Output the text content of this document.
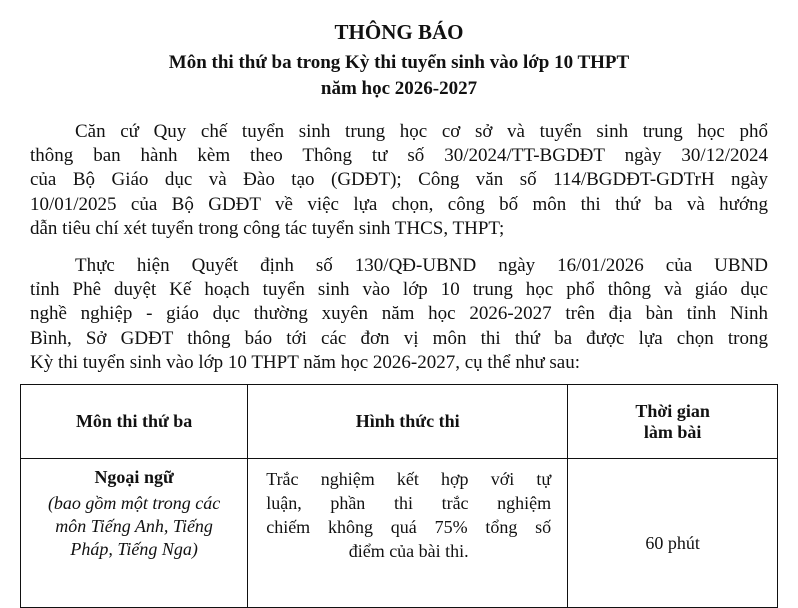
THÔNG BÁO
Môn thi thứ ba trong Kỳ thi tuyển sinh vào lớp 10 THPT
năm học 2026-2027
Căn cứ Quy chế tuyển sinh trung học cơ sở và tuyển sinh trung học phổ
thông ban hành kèm theo Thông tư số 30/2024/TT-BGDĐT ngày 30/12/2024
của Bộ Giáo dục và Đào tạo (GDĐT); Công văn số 114/BGDĐT-GDTrH ngày
10/01/2025 của Bộ GDĐT về việc lựa chọn, công bố môn thi thứ ba và hướng
dẫn tiêu chí xét tuyển trong công tác tuyển sinh THCS, THPT;
Thực hiện Quyết định số 130/QĐ-UBND ngày 16/01/2026 của UBND
tỉnh Phê duyệt Kế hoạch tuyển sinh vào lớp 10 trung học phổ thông và giáo dục
nghề nghiệp - giáo dục thường xuyên năm học 2026-2027 trên địa bàn tỉnh Ninh
Bình, Sở GDĐT thông báo tới các đơn vị môn thi thứ ba được lựa chọn trong
Kỳ thi tuyển sinh vào lớp 10 THPT năm học 2026-2027, cụ thể như sau:
Môn thi thứ ba	Hình thức thi	Thời gian
làm bài

Ngoại ngữ
(bao gồm một trong các
môn Tiếng Anh, Tiếng
Pháp, Tiếng Nga)	Trắc nghiệm kết hợp với tự
luận, phần thi trắc nghiệm
chiếm không quá 75% tổng số
điểm của bài thi.	60 phút
